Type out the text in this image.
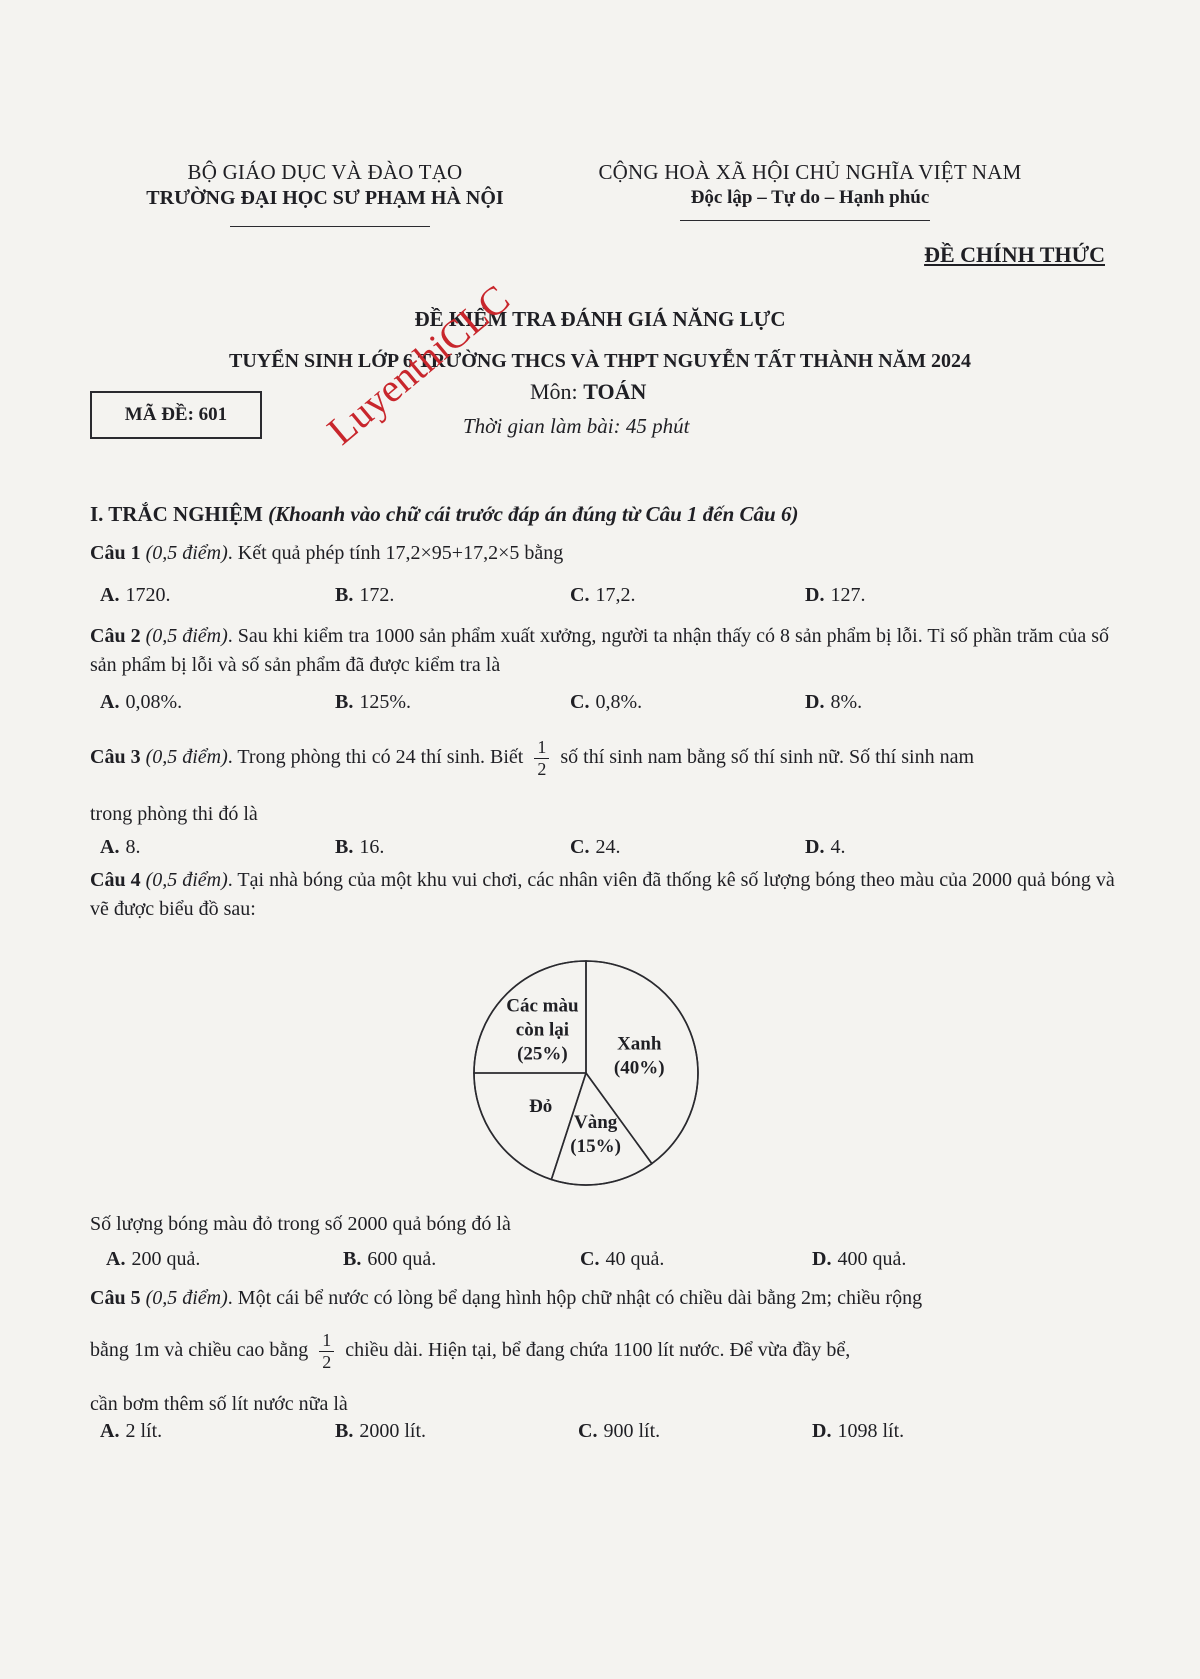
BỘ GIÁO DỤC VÀ ĐÀO TẠO
TRƯỜNG ĐẠI HỌC SƯ PHẠM HÀ NỘI
CỘNG HOÀ XÃ HỘI CHỦ NGHĨA VIỆT NAM
Độc lập – Tự do – Hạnh phúc
ĐỀ CHÍNH THỨC
ĐỀ KIỂM TRA ĐÁNH GIÁ NĂNG LỰC
TUYỂN SINH LỚP 6 TRƯỜNG THCS VÀ THPT NGUYỄN TẤT THÀNH NĂM 2024
MÃ ĐỀ: 601
Môn: TOÁN
Thời gian làm bài: 45 phút
LuyenthiCLC
I. TRẮC NGHIỆM (Khoanh vào chữ cái trước đáp án đúng từ Câu 1 đến Câu 6)
Câu 1 (0,5 điểm). Kết quả phép tính 17,2×95+17,2×5 bằng
A. 1720.	B. 172.	C. 17,2.	D. 127.
Câu 2 (0,5 điểm). Sau khi kiểm tra 1000 sản phẩm xuất xưởng, người ta nhận thấy có 8 sản phẩm bị lỗi. Tỉ số phần trăm của số sản phẩm bị lỗi và số sản phẩm đã được kiểm tra là
A. 0,08%.	B. 125%.	C. 0,8%.	D. 8%.
Câu 3 (0,5 điểm). Trong phòng thi có 24 thí sinh. Biết $\frac{1}{2}$ số thí sinh nam bằng số thí sinh nữ. Số thí sinh nam
trong phòng thi đó là
A. 8.	B. 16.	C. 24.	D. 4.
Câu 4 (0,5 điểm). Tại nhà bóng của một khu vui chơi, các nhân viên đã thống kê số lượng bóng theo màu của 2000 quả bóng và vẽ được biểu đồ sau:
Xanh
(40%)
Vàng
(15%)
Đỏ
Các màu
còn lại
(25%)
Số lượng bóng màu đỏ trong số 2000 quả bóng đó là
A. 200 quả.	B. 600 quả.	C. 40 quả.	D. 400 quả.
Câu 5 (0,5 điểm). Một cái bể nước có lòng bể dạng hình hộp chữ nhật có chiều dài bằng 2m; chiều rộng
bằng 1m và chiều cao bằng $\frac{1}{2}$ chiều dài. Hiện tại, bể đang chứa 1100 lít nước. Để vừa đầy bể,
cần bơm thêm số lít nước nữa là
A. 2 lít.	B. 2000 lít.	C. 900 lít.	D. 1098 lít.
